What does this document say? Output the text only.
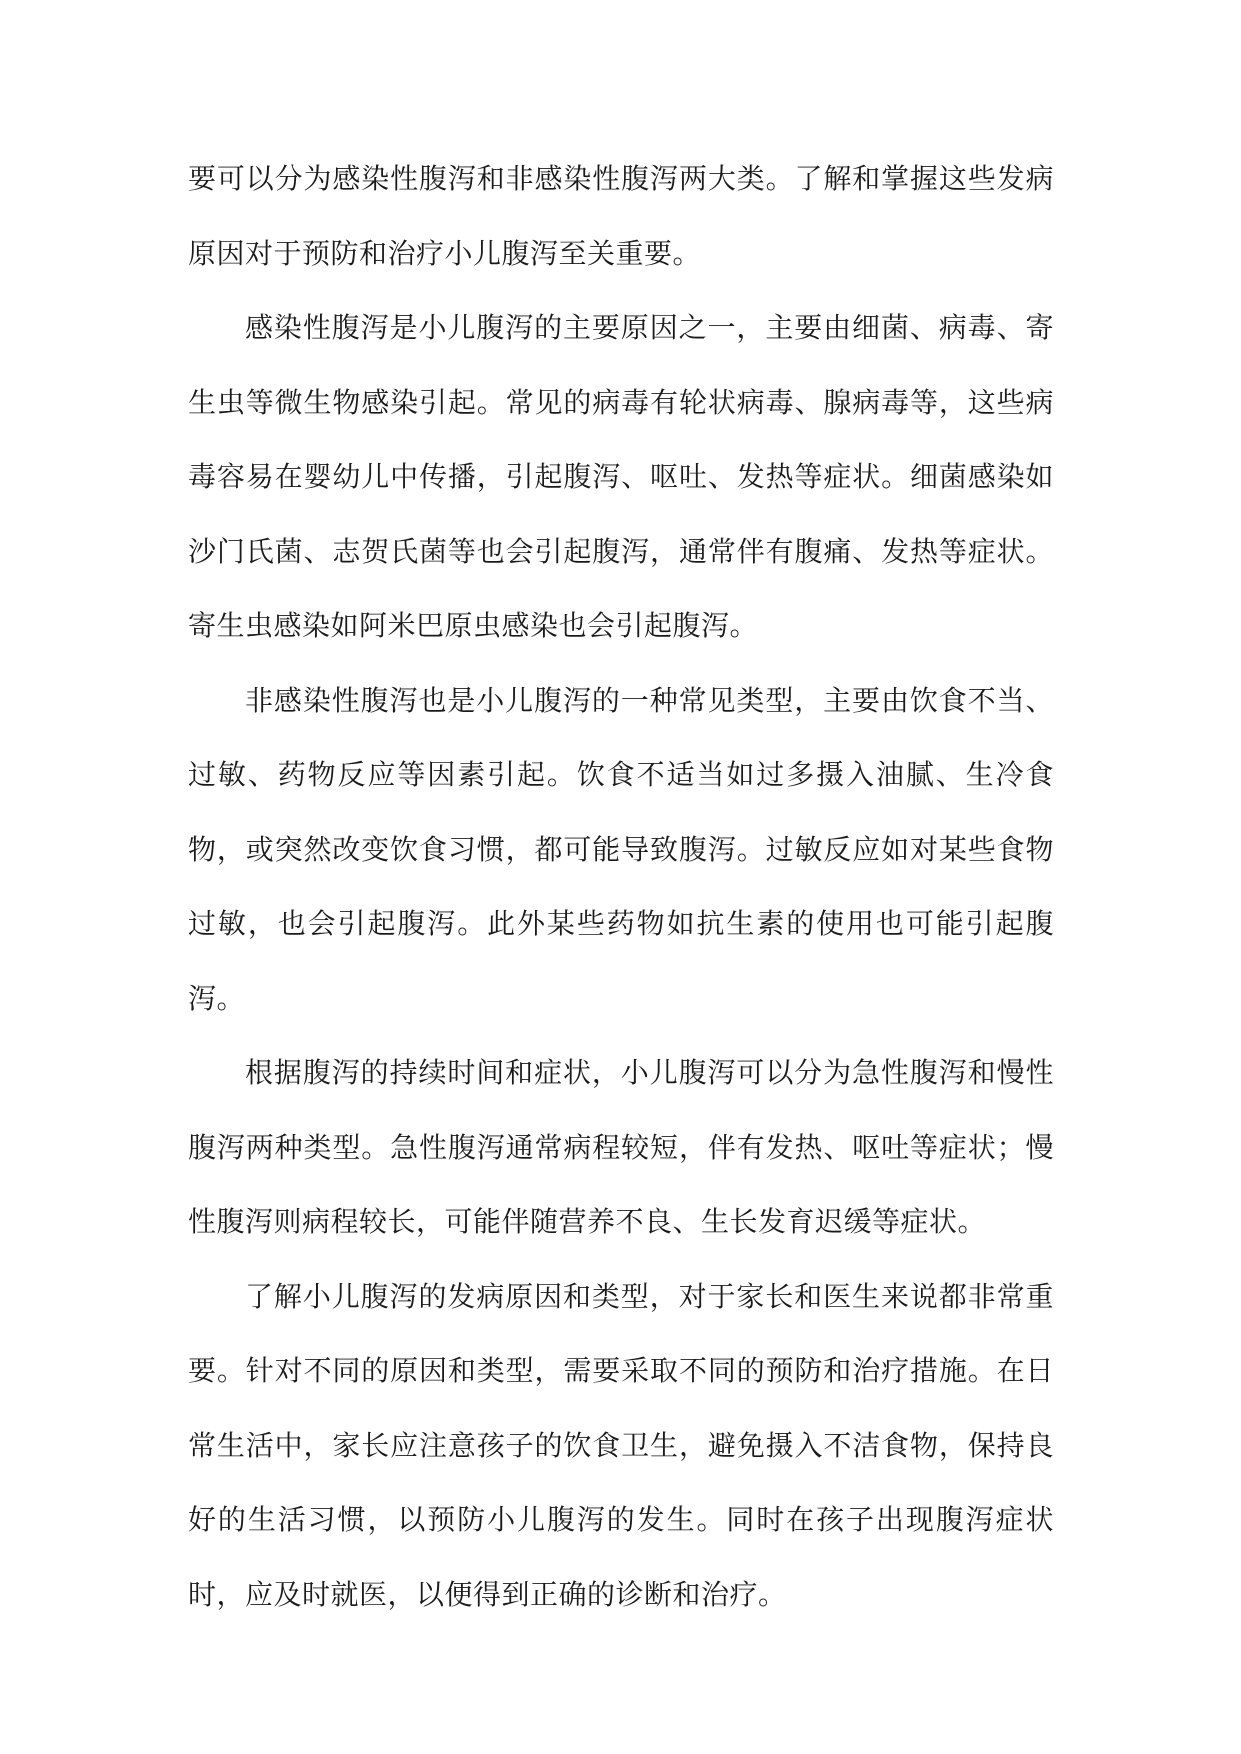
要可以分为感染性腹泻和非感染性腹泻两大类。了解和掌握这些发病原因对于预防和治疗小儿腹泻至关重要。

感染性腹泻是小儿腹泻的主要原因之一，主要由细菌、病毒、寄生虫等微生物感染引起。常见的病毒有轮状病毒、腺病毒等，这些病毒容易在婴幼儿中传播，引起腹泻、呕吐、发热等症状。细菌感染如沙门氏菌、志贺氏菌等也会引起腹泻，通常伴有腹痛、发热等症状。寄生虫感染如阿米巴原虫感染也会引起腹泻。

非感染性腹泻也是小儿腹泻的一种常见类型，主要由饮食不当、过敏、药物反应等因素引起。饮食不适当如过多摄入油腻、生冷食物，或突然改变饮食习惯，都可能导致腹泻。过敏反应如对某些食物过敏，也会引起腹泻。此外某些药物如抗生素的使用也可能引起腹泻。

根据腹泻的持续时间和症状，小儿腹泻可以分为急性腹泻和慢性腹泻两种类型。急性腹泻通常病程较短，伴有发热、呕吐等症状；慢性腹泻则病程较长，可能伴随营养不良、生长发育迟缓等症状。

了解小儿腹泻的发病原因和类型，对于家长和医生来说都非常重要。针对不同的原因和类型，需要采取不同的预防和治疗措施。在日常生活中，家长应注意孩子的饮食卫生，避免摄入不洁食物，保持良好的生活习惯，以预防小儿腹泻的发生。同时在孩子出现腹泻症状时，应及时就医，以便得到正确的诊断和治疗。
